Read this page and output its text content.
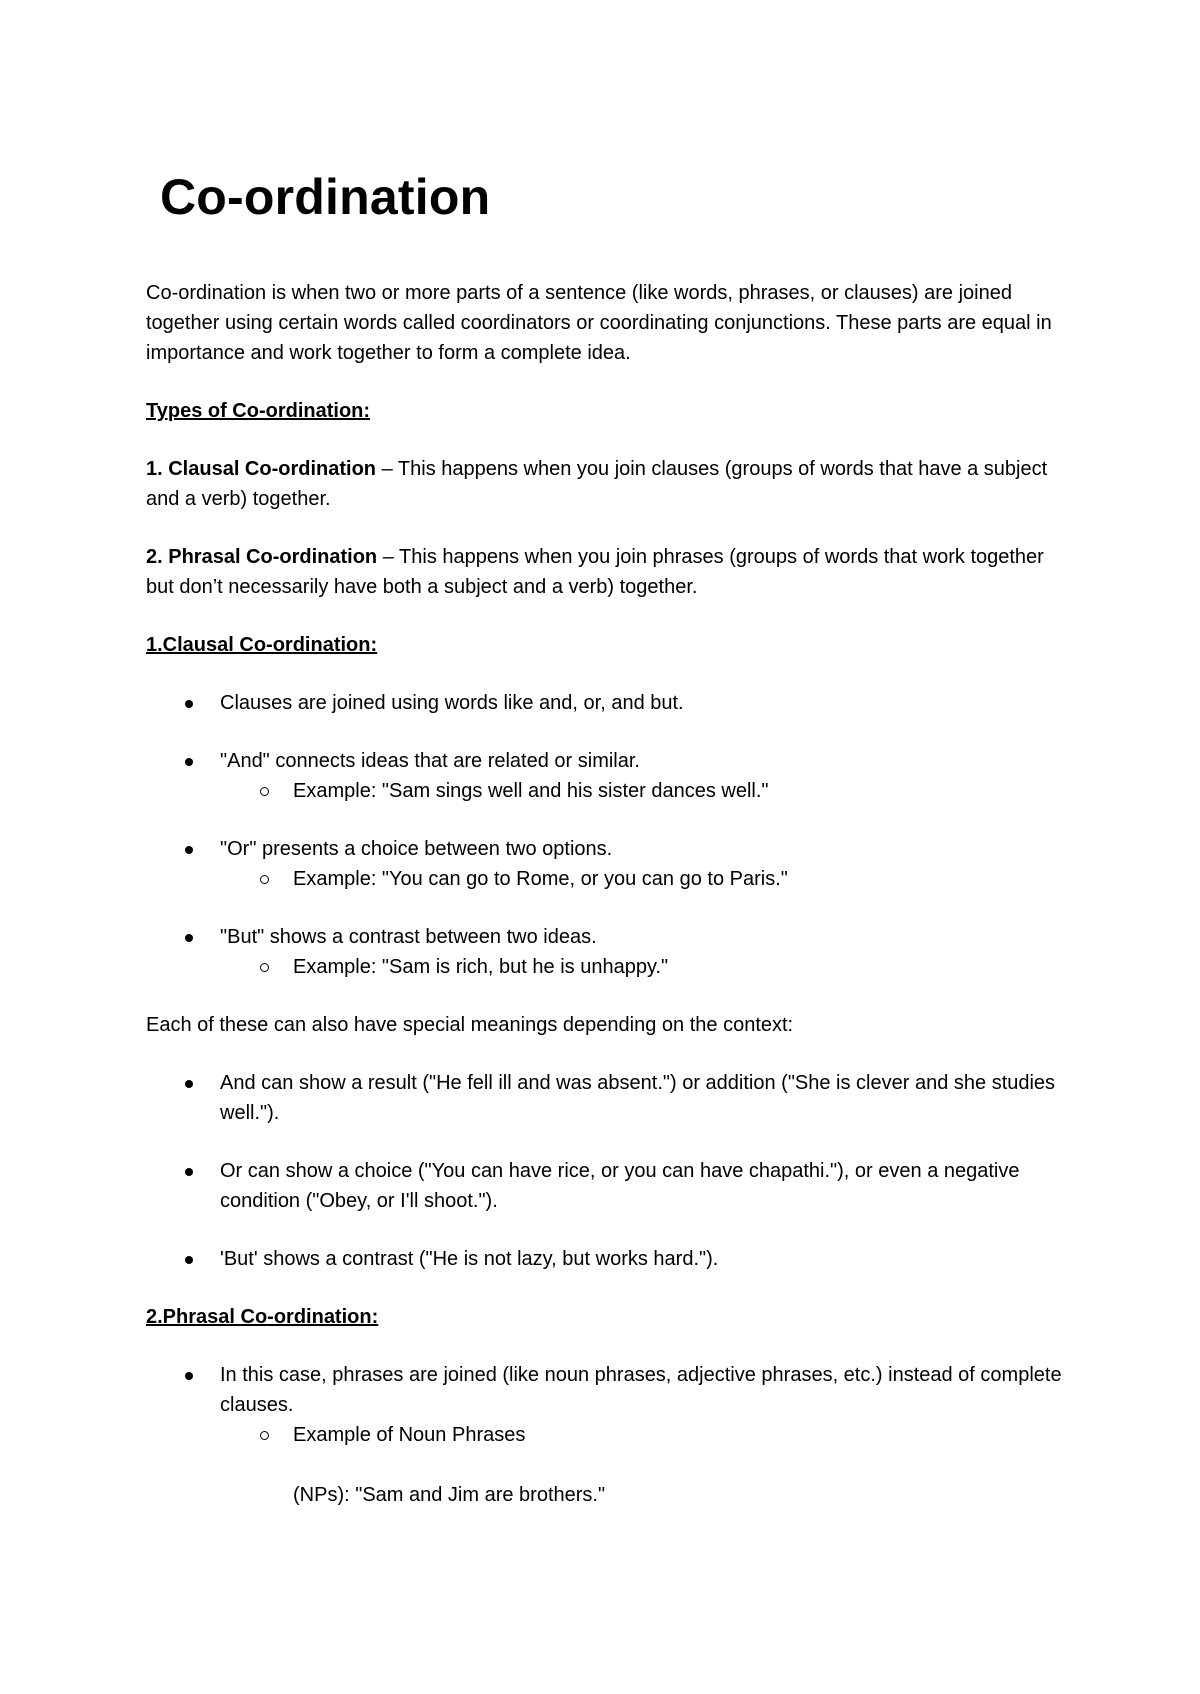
Co-ordination

Co-ordination is when two or more parts of a sentence (like words, phrases, or clauses) are joined together using certain words called coordinators or coordinating conjunctions. These parts are equal in importance and work together to form a complete idea.

Types of Co-ordination:

1. Clausal Co-ordination – This happens when you join clauses (groups of words that have a subject and a verb) together.

2. Phrasal Co-ordination – This happens when you join phrases (groups of words that work together but don’t necessarily have both a subject and a verb) together.

1.Clausal Co-ordination:

Clauses are joined using words like and, or, and but.
"And" connects ideas that are related or similar.
Example: "Sam sings well and his sister dances well."
"Or" presents a choice between two options.
Example: "You can go to Rome, or you can go to Paris."
"But" shows a contrast between two ideas.
Example: "Sam is rich, but he is unhappy."

Each of these can also have special meanings depending on the context:

And can show a result ("He fell ill and was absent.") or addition ("She is clever and she studies well.").
Or can show a choice ("You can have rice, or you can have chapathi."), or even a negative condition ("Obey, or I'll shoot.").
'But' shows a contrast ("He is not lazy, but works hard.").

2.Phrasal Co-ordination:

In this case, phrases are joined (like noun phrases, adjective phrases, etc.) instead of complete clauses.
Example of Noun Phrases
(NPs): "Sam and Jim are brothers."
